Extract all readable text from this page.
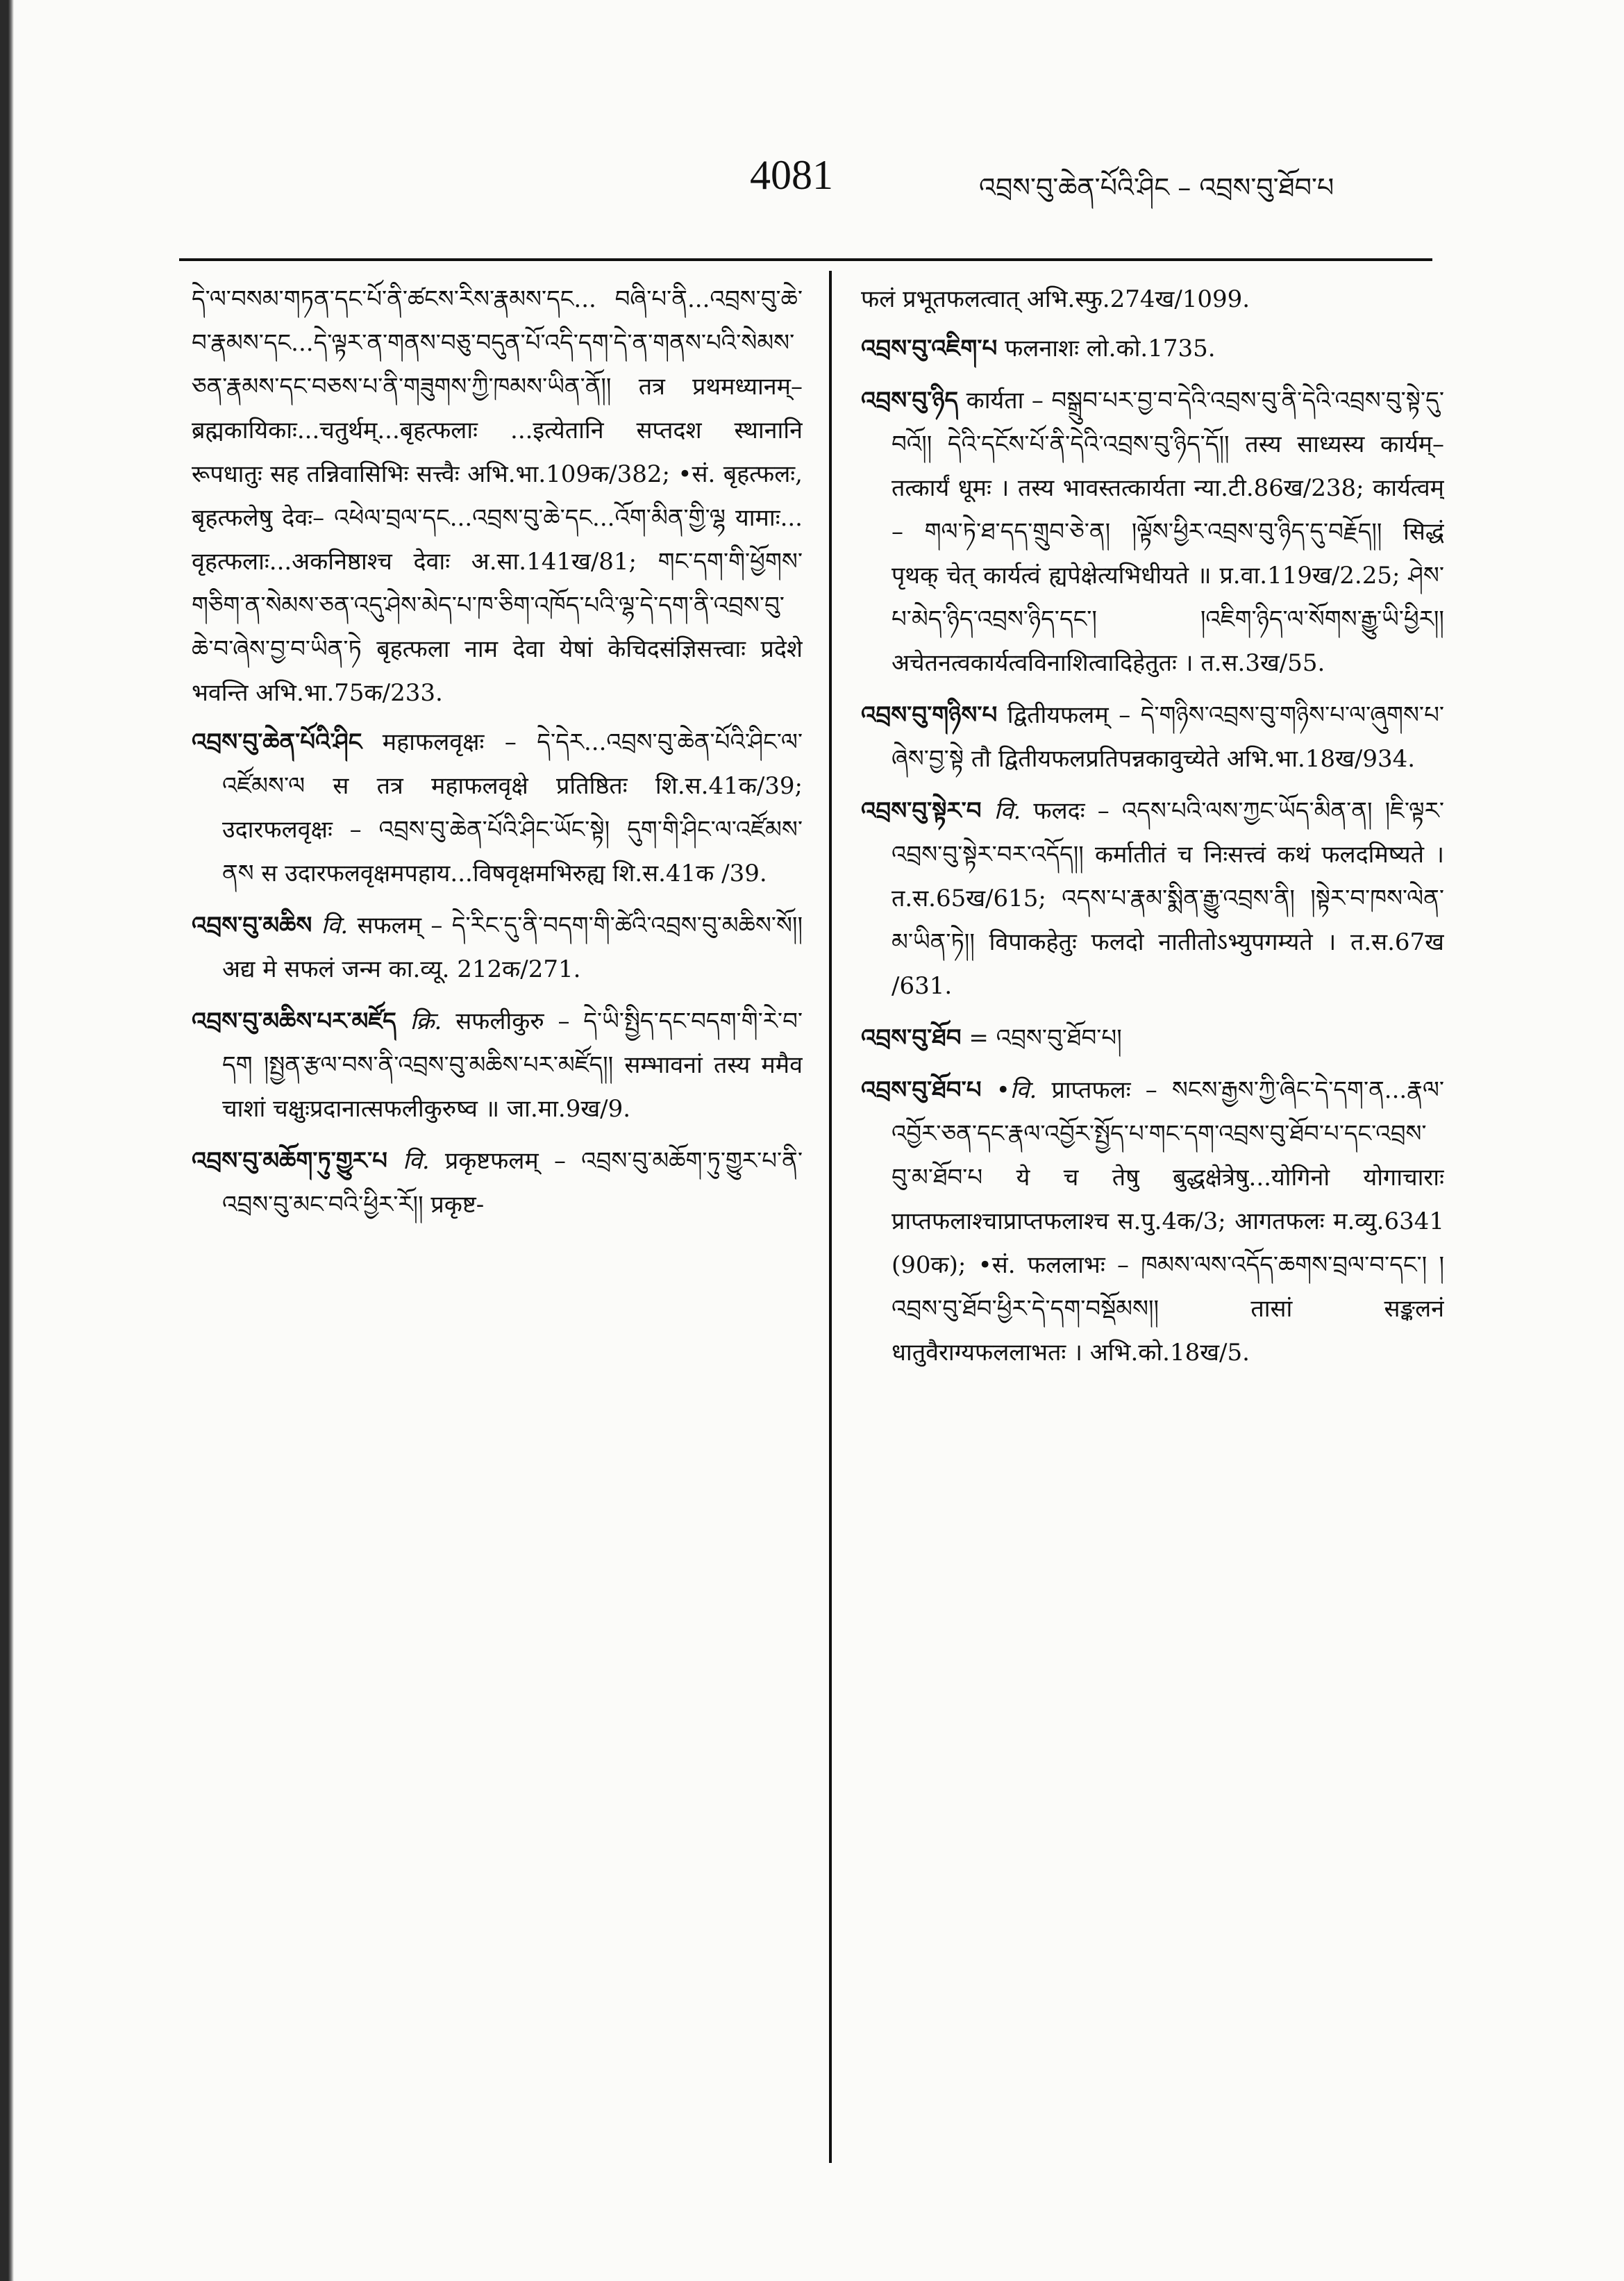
4081	འབྲས་བུ་ཆེན་པོའི་ཤིང – འབྲས་བུ་ཐོབ་པ

དེ་ལ་བསམ་གཏན་དང་པོ་ནི་ཚངས་རིས་རྣམས་དང... བཞི་པ་ནི...འབྲས་བུ་ཆེ་བ་རྣམས་དང...དེ་ལྟར་ན་གནས་བཅུ་བདུན་པོ་འདི་དག་དེ་ན་གནས་པའི་སེམས་ཅན་རྣམས་དང་བཅས་པ་ནི་གཟུགས་ཀྱི་ཁམས་ཡིན་ནོ།། तत्र प्रथमध्यानम्–ब्रह्मकायिकाः...चतुर्थम्...बृहत्फलाः ...इत्येतानि सप्तदश स्थानानि रूपधातुः सह तन्निवासिभिः सत्त्वैः अभि.भा.109क/382; •सं. बृहत्फलः, बृहत्फलेषु देवः– འཕེལ་བྲལ་དང...འབྲས་བུ་ཆེ་དང...འོག་མིན་གྱི་ལྷ यामाः... वृहत्फलाः...अकनिष्ठाश्च देवाः अ.सा.141ख/81; གང་དག་གི་ཕྱོགས་གཅིག་ན་སེམས་ཅན་འདུ་ཤེས་མེད་པ་ཁ་ཅིག་འཁོད་པའི་ལྷ་དེ་དག་ནི་འབྲས་བུ་ཆེ་བ་ཞེས་བྱ་བ་ཡིན་ཏེ बृहत्फला नाम देवा येषां केचिदसंज्ञिसत्त्वाः प्रदेशे भवन्ति अभि.भा.75क/233.

འབྲས་བུ་ཆེན་པོའི་ཤིང महाफलवृक्षः – དེ་དེར...འབྲས་བུ་ཆེན་པོའི་ཤིང་ལ་འཛོམས་ལ स तत्र महाफलवृक्षे प्रतिष्ठितः शि.स.41क/39; उदारफलवृक्षः – འབྲས་བུ་ཆེན་པོའི་ཤིང་ཡོང་སྟེ། དུག་གི་ཤིང་ལ་འཛོམས་ནས स उदारफलवृक्षमपहाय...विषवृक्षमभिरुह्य शि.स.41क /39.

འབྲས་བུ་མཆིས वि. सफलम् – དེ་རིང་དུ་ནི་བདག་གི་ཚེའི་འབྲས་བུ་མཆིས་སོ།། अद्य मे सफलं जन्म का.व्यू. 212क/271.

འབྲས་བུ་མཆིས་པར་མཛོད क्रि. सफलीकुरु – དེ་ཡི་སྤྱིད་དང་བདག་གི་རེ་བ་དག །སྤྱན་རྩལ་བས་ནི་འབྲས་བུ་མཆིས་པར་མཛོད།། सम्भावनां तस्य ममैव चाशां चक्षुःप्रदानात्सफलीकुरुष्व ॥ जा.मा.9ख/9.

འབྲས་བུ་མཆོག་ཏུ་གྱུར་པ वि. प्रकृष्टफलम् – འབྲས་བུ་མཆོག་ཏུ་གྱུར་པ་ནི་འབྲས་བུ་མང་བའི་ཕྱིར་རོ།། प्रकृष्ट-

फलं प्रभूतफलत्वात् अभि.स्फु.274ख/1099.

འབྲས་བུ་འཇིག་པ फलनाशः लो.को.1735.

འབྲས་བུ་ཉིད कार्यता – བསྒྲུབ་པར་བྱ་བ་དེའི་འབྲས་བུ་ནི་དེའི་འབྲས་བུ་སྟེ་དུ་བའོ།། དེའི་དངོས་པོ་ནི་དེའི་འབྲས་བུ་ཉིད་དོ།། तस्य साध्यस्य कार्यम्–तत्कार्यं धूमः । तस्य भावस्तत्कार्यता न्या.टी.86ख/238; कार्यत्वम् – གལ་ཏེ་ཐ་དད་གྲུབ་ཅེ་ན། །ལྟོས་ཕྱིར་འབྲས་བུ་ཉིད་དུ་བརྗོད།། सिद्धं पृथक् चेत् कार्यत्वं ह्यपेक्षेत्यभिधीयते ॥ प्र.वा.119ख/2.25; ཤེས་པ་མེད་ཉིད་འབྲས་ཉིད་དང་། །འཇིག་ཉིད་ལ་སོགས་རྒྱུ་ཡི་ཕྱིར།། अचेतनत्वकार्यत्वविनाशित्वादिहेतुतः । त.स.3ख/55.

འབྲས་བུ་གཉིས་པ द्वितीयफलम् – དེ་གཉིས་འབྲས་བུ་གཉིས་པ་ལ་ཞུགས་པ་ཞེས་བྱ་སྟེ तौ द्वितीयफलप्रतिपन्नकावुच्येते अभि.भा.18ख/934.

འབྲས་བུ་སྟེར་བ वि. फलदः – འདས་པའི་ལས་ཀྱང་ཡོད་མིན་ན། །ཇི་ལྟར་འབྲས་བུ་སྟེར་བར་འདོད།། कर्मातीतं च निःसत्त्वं कथं फलदमिष्यते । त.स.65ख/615; འདས་པ་རྣམ་སྨིན་རྒྱུ་འབྲས་ནི། །སྟེར་བ་ཁས་ལེན་མ་ཡིན་ཏེ།། विपाकहेतुः फलदो नातीतोऽभ्युपगम्यते । त.स.67ख /631.

འབྲས་བུ་ཐོབ = འབྲས་བུ་ཐོབ་པ།

འབྲས་བུ་ཐོབ་པ •वि. प्राप्तफलः – སངས་རྒྱས་ཀྱི་ཞིང་དེ་དག་ན...རྣལ་འབྱོར་ཅན་དང་རྣལ་འབྱོར་སྤྱོད་པ་གང་དག་འབྲས་བུ་ཐོབ་པ་དང་འབྲས་བུ་མ་ཐོབ་པ ये च तेषु बुद्धक्षेत्रेषु...योगिनो योगाचाराः प्राप्तफलाश्चाप्राप्तफलाश्च स.पु.4क/3; आगतफलः म.व्यु.6341 (90क); •सं. फललाभः – ཁམས་ལས་འདོད་ཆགས་བྲལ་བ་དང་། །འབྲས་བུ་ཐོབ་ཕྱིར་དེ་དག་བསྡོམས།། तासां सङ्कलनं धातुवैराग्यफललाभतः । अभि.को.18ख/5.
